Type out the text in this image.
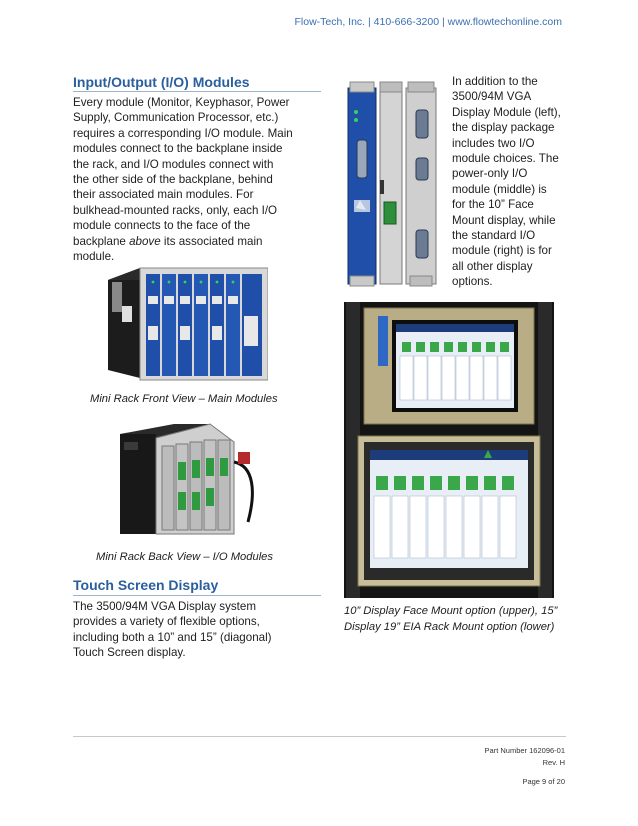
Flow-Tech, Inc. | 410-666-3200 | www.flowtechonline.com
Input/Output (I/O) Modules
Every module (Monitor, Keyphasor, Power
Supply, Communication Processor, etc.)
requires a corresponding I/O module. Main
modules connect to the backplane inside
the rack, and I/O modules connect with
the other side of the backplane, behind
their associated main modules. For
bulkhead-mounted racks, only, each I/O
module connects to the face of the
backplane above its associated main
module.
In addition to the
3500/94M VGA
Display Module (left),
the display package
includes two I/O
module choices. The
power-only I/O
module (middle) is
for the 10” Face
Mount display, while
the standard I/O
module (right) is for
all other display
options.
Mini Rack Front View – Main Modules
Mini Rack Back View – I/O Modules
Touch Screen Display
The 3500/94M VGA Display system
provides a variety of flexible options,
including both a 10” and 15” (diagonal)
Touch Screen display.
10” Display Face Mount option (upper), 15”
Display 19” EIA Rack Mount option (lower)
Part Number 162096-01
Rev. H
Page 9 of 20
